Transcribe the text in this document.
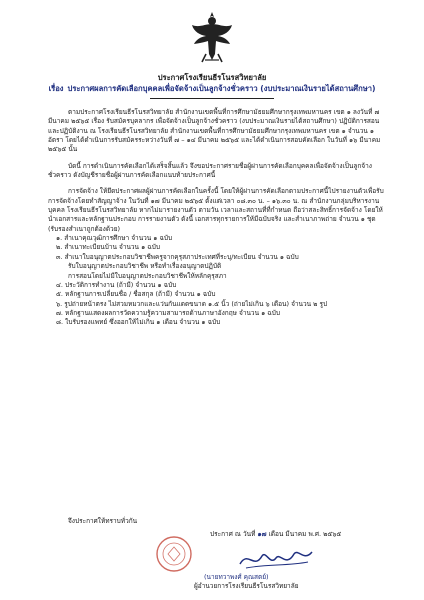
ประกาศโรงเรียนธีรโนรสวิทยาลัย
เรื่อง ประกาศผลการคัดเลือกบุคคลเพื่อจัดจ้างเป็นลูกจ้างชั่วคราว (งบประมาณเงินรายได้สถานศึกษา)

ตามประกาศโรงเรียนธีรโนรสวิทยาลัย สำนักงานเขตพื้นที่การศึกษามัธยมศึกษากรุงเทพมหานคร เขต ๑ ลงวันที่ ๗ มีนาคม ๒๕๖๕ เรื่อง รับสมัครบุคลากร เพื่อจัดจ้างเป็นลูกจ้างชั่วคราว (งบประมาณเงินรายได้สถานศึกษา) ปฏิบัติการสอนและปฏิบัติงาน ณ โรงเรียนธีรโนรสวิทยาลัย สำนักงานเขตพื้นที่การศึกษามัธยมศึกษากรุงเทพมหานคร เขต ๑ จำนวน ๑ อัตรา โดยได้ดำเนินการรับสมัครระหว่างวันที่ ๗ – ๑๔ มีนาคม ๒๕๖๕ และได้ดำเนินการสอบคัดเลือก ในวันที่ ๑๖ มีนาคม ๒๕๖๕ นั้น

บัดนี้ การดำเนินการคัดเลือกได้เสร็จสิ้นแล้ว จึงขอประกาศรายชื่อผู้ผ่านการคัดเลือกบุคคลเพื่อจัดจ้างเป็นลูกจ้างชั่วคราว ดังบัญชีรายชื่อผู้ผ่านการคัดเลือกแนบท้ายประกาศนี้

การจัดจ้าง ให้ยึดประกาศผลผู้ผ่านการคัดเลือกในครั้งนี้ โดยให้ผู้ผ่านการคัดเลือกตามประกาศนี้ไปรายงานตัวเพื่อรับการจัดจ้างโดยทำสัญญาจ้าง ในวันที่ ๑๗ มีนาคม ๒๕๖๕ ตั้งแต่เวลา ๐๘.๓๐ น. – ๑๖.๓๐ น. ณ สำนักงานกลุ่มบริหารงานบุคคล โรงเรียนธีรโนรสวิทยาลัย หากไม่มารายงานตัว ตามวัน เวลาและสถานที่ที่กำหนด ถือว่าสละสิทธิ์การจัดจ้าง โดยให้นำเอกสารและหลักฐานประกอบ การรายงานตัว ดังนี้ เอกสารทุกรายการให้มีฉบับจริง และสำเนาภาพถ่าย จำนวน ๑ ชุด (รับรองสำเนาถูกต้องด้วย)

๑. สำเนาคุณวุฒิการศึกษา จำนวน ๑ ฉบับ

๒. สำเนาทะเบียนบ้าน จำนวน ๑ ฉบับ

๓. สำเนาใบอนุญาตประกอบวิชาชีพครูจากคุรุสภาประเทศที่ระบุ/ทะเบียน จำนวน ๑ ฉบับ

รับใบอนุญาตประกอบวิชาชีพ หรือทำเรื่องอนุญาตปฏิบัติ

การสอนโดยไม่มีใบอนุญาตประกอบวิชาชีพให้หลักคุรุสภา

๔. ประวัติการทำงาน (ถ้ามี) จำนวน ๑ ฉบับ

๕. หลักฐานการเปลี่ยนชื่อ / ชื่อสกุล (ถ้ามี) จำนวน ๑ ฉบับ

๖. รูปถ่ายหน้าตรง ไม่สวมหมวกและแว่นกันแดดขนาด ๑.๕ นิ้ว (ถ่ายไม่เกิน ๖ เดือน) จำนวน ๒ รูป

๗. หลักฐานแสดงผลการวัดความรู้ความสามารถด้านภาษาอังกฤษ จำนวน ๑ ฉบับ

๘. ใบรับรองแพทย์ ซึ่งออกให้ไม่เกิน ๑ เดือน จำนวน ๑ ฉบับ

จึงประกาศให้ทราบทั่วกัน

ประกาศ ณ วันที่ ๑๗ เดือน มีนาคม พ.ศ. ๒๕๖๕
(นายทวาพงศ์ คุณสตย์)
ผู้อำนวยการโรงเรียนธีรโนรสวิทยาลัย
